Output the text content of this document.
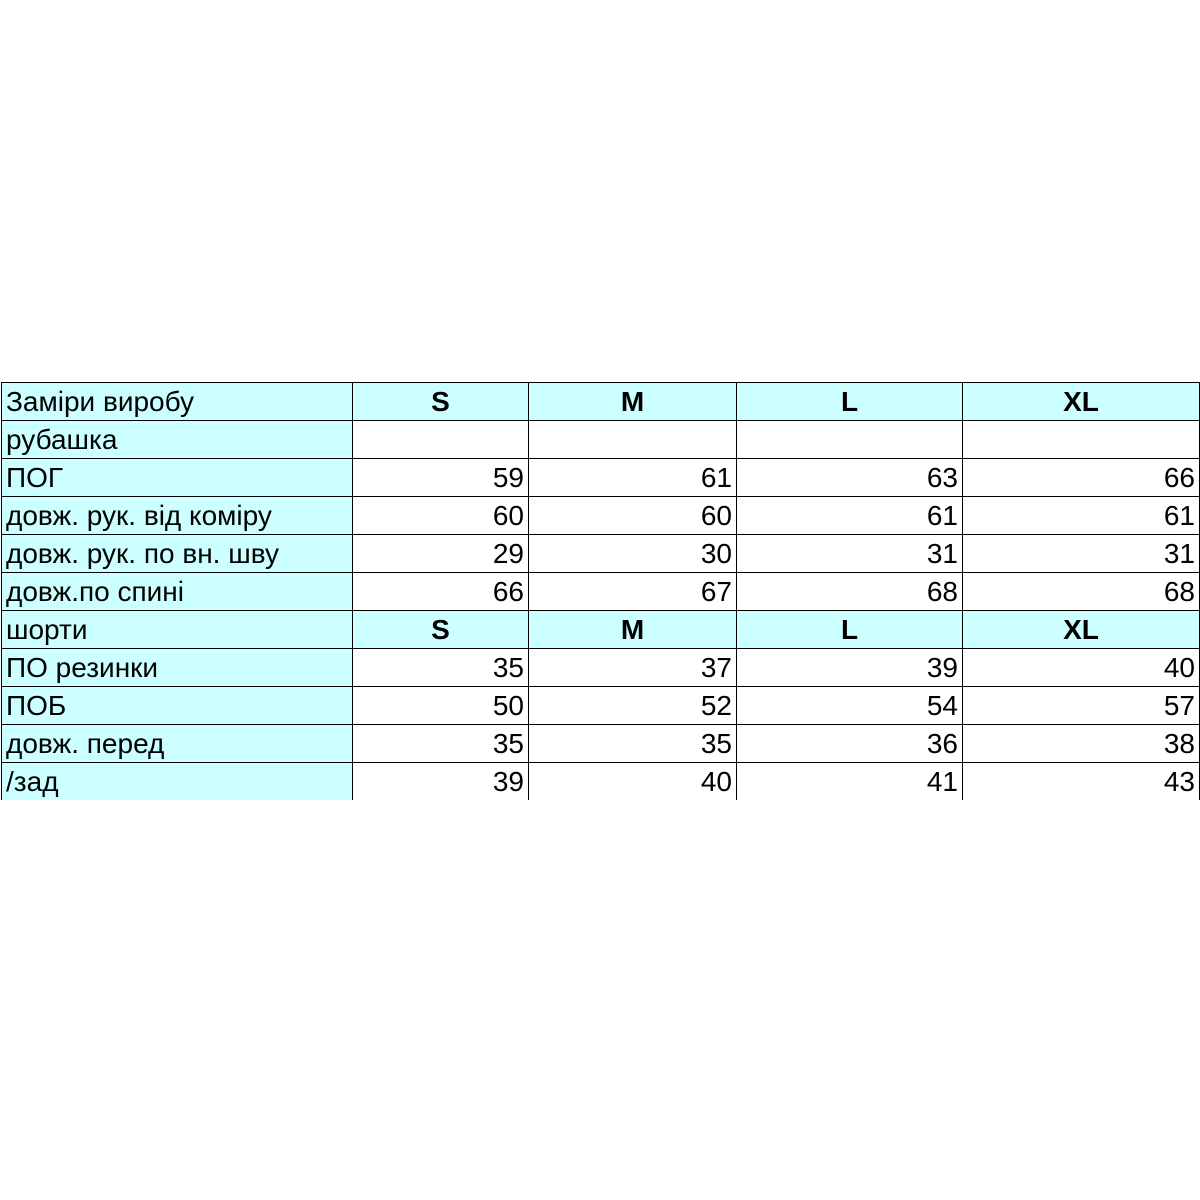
Заміри виробу	S	M	L	XL
рубашка				
ПОГ	59	61	63	66
довж. рук. від коміру	60	60	61	61
довж. рук. по вн. шву	29	30	31	31
довж.по спині	66	67	68	68
шорти	S	M	L	XL
ПО резинки	35	37	39	40
ПОБ	50	52	54	57
довж. перед	35	35	36	38
/зад	39	40	41	43
